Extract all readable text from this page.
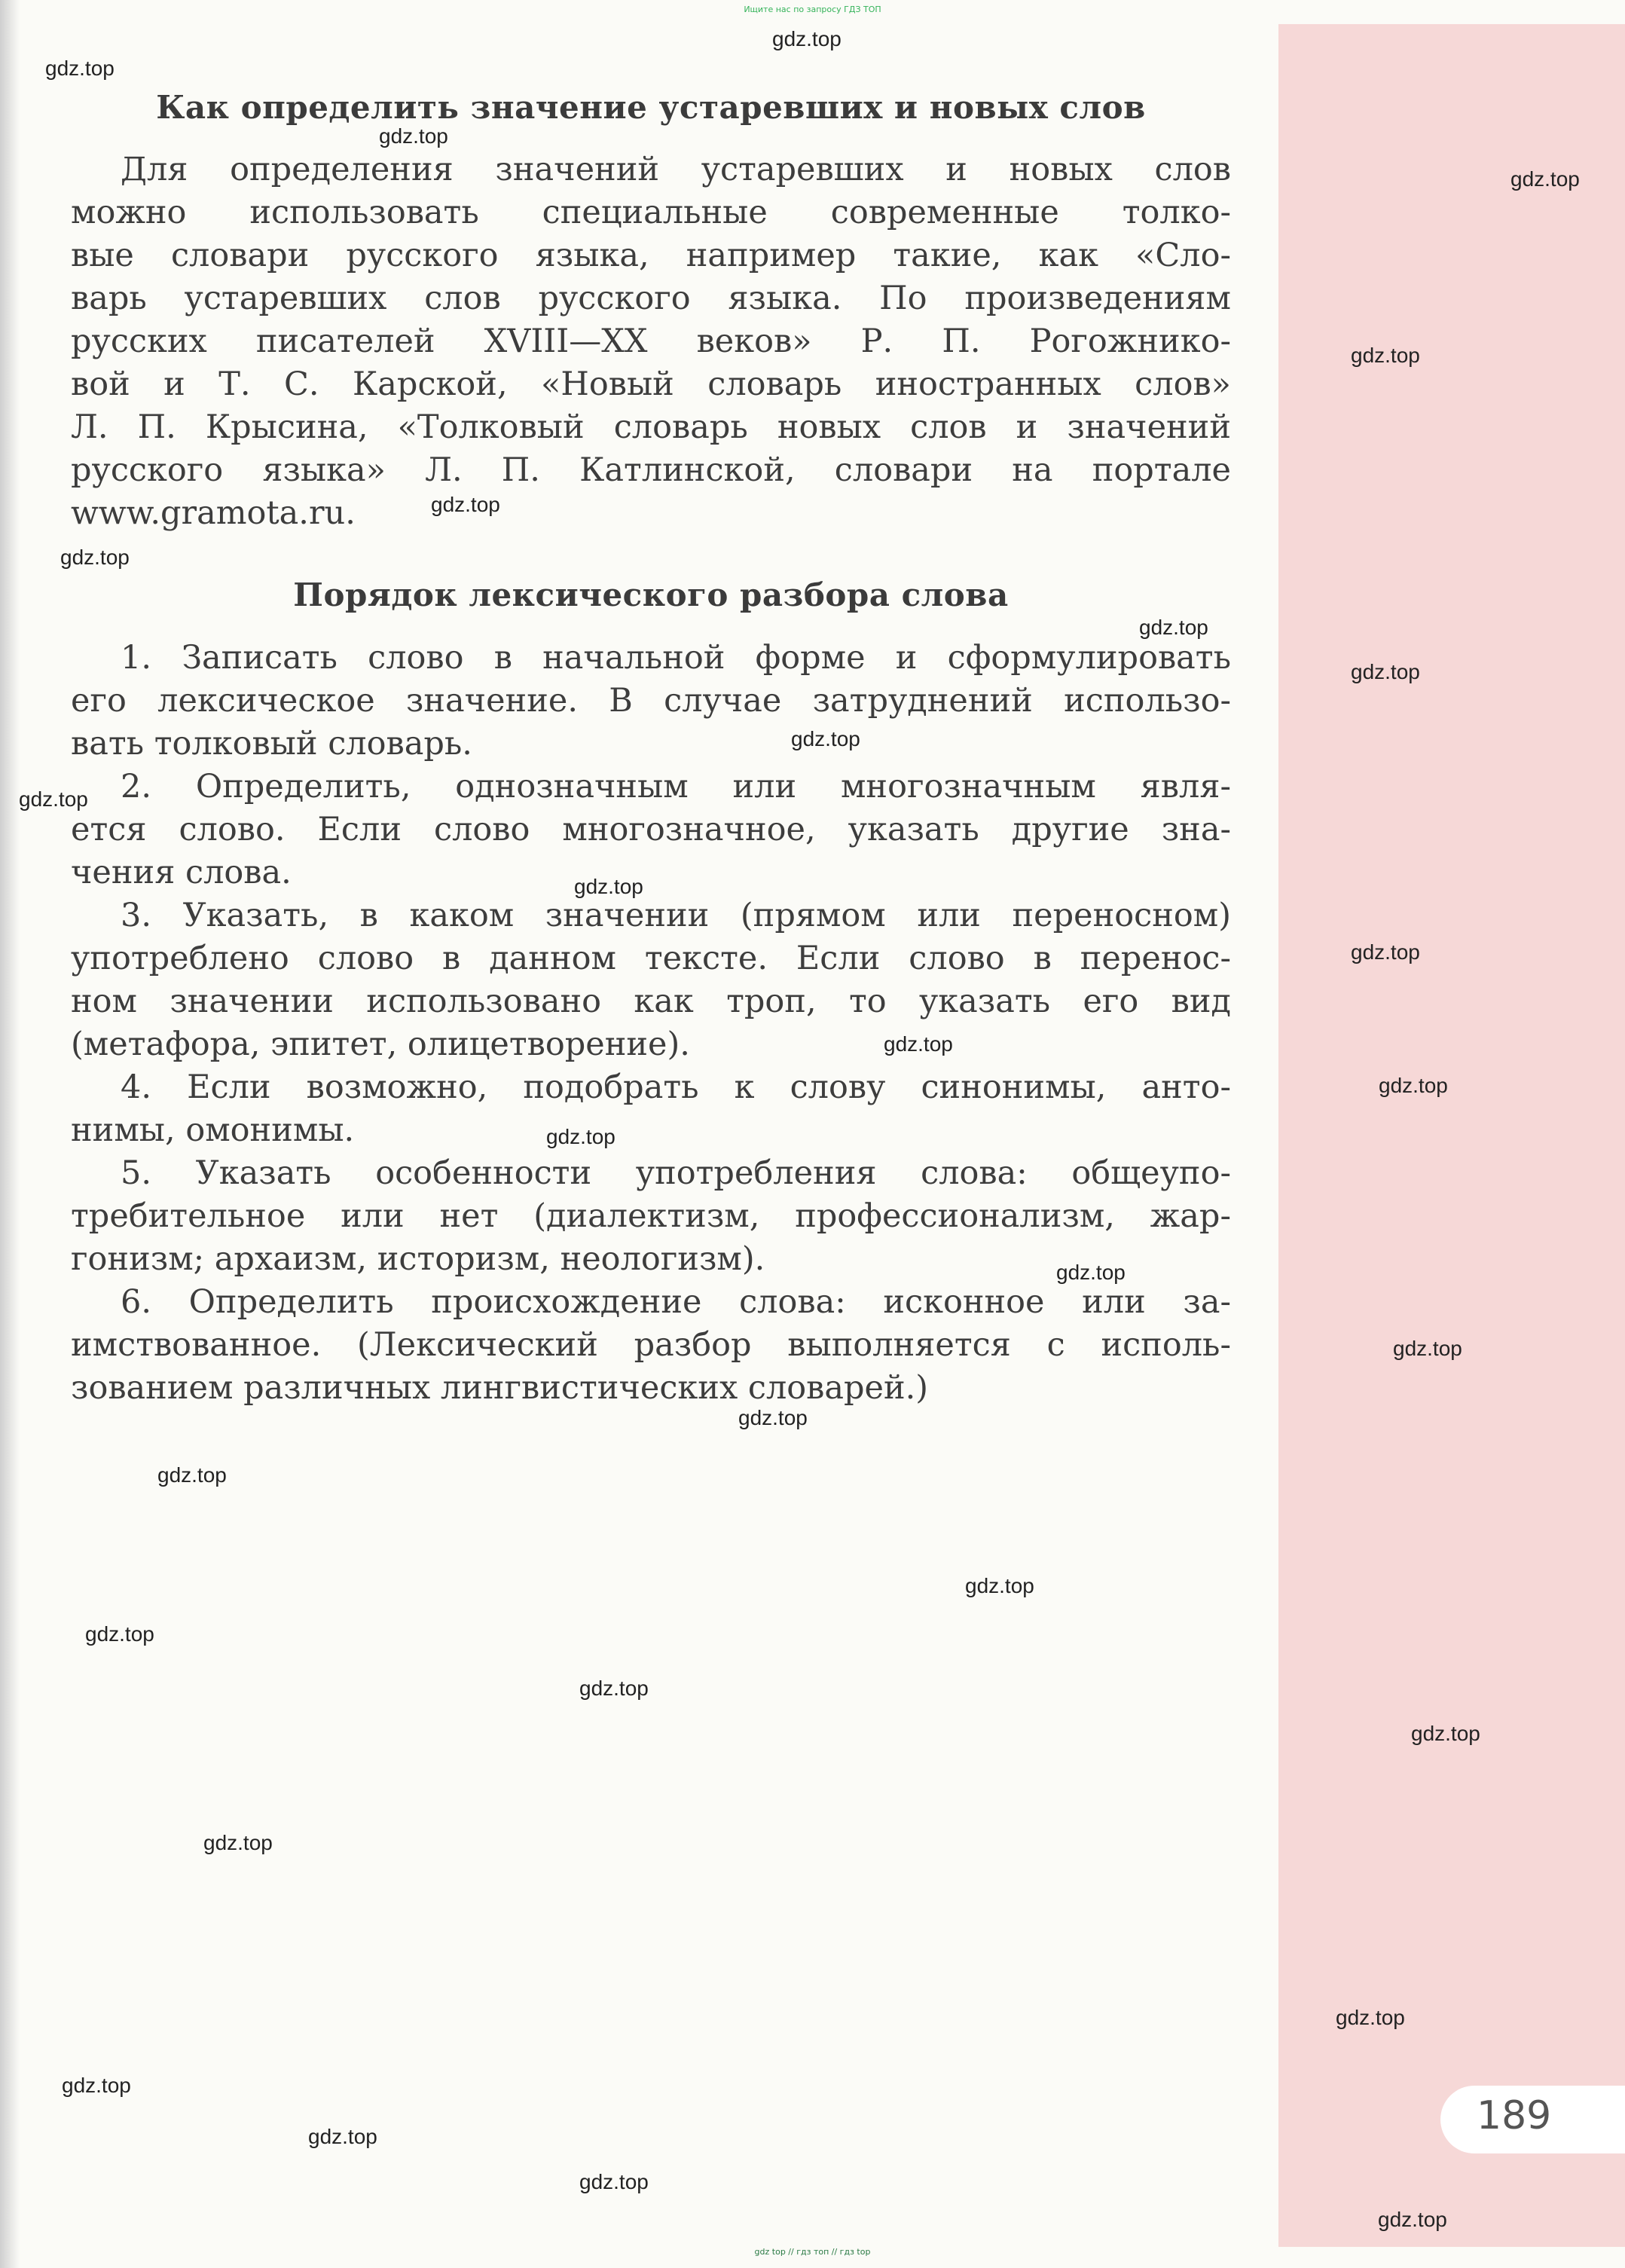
189
Ищите нас по запросу ГДЗ ТОП
gdz top // гдз топ // гдз top
Как определить значение устаревших и новых слов
Для определения значений устаревших и новых слов
можно использовать специальные современные толко-
вые словари русского языка, например такие, как «Сло-
варь устаревших слов русского языка. По произведениям
русских писателей XVIII—XX веков» Р. П. Рогожнико-
вой и Т. С. Карской, «Новый словарь иностранных слов»
Л. П. Крысина, «Толковый словарь новых слов и значений
русского языка» Л. П. Катлинской, словари на портале
www.gramota.ru.
Порядок лексического разбора слова
1. Записать слово в начальной форме и сформулировать
его лексическое значение. В случае затруднений использо-
вать толковый словарь.
2. Определить, однозначным или многозначным явля-
ется слово. Если слово многозначное, указать другие зна-
чения слова.
3. Указать, в каком значении (прямом или переносном)
употреблено слово в данном тексте. Если слово в перенос-
ном значении использовано как троп, то указать его вид
(метафора, эпитет, олицетворение).
4. Если возможно, подобрать к слову синонимы, анто-
нимы, омонимы.
5. Указать особенности употребления слова: общеупо-
требительное или нет (диалектизм, профессионализм, жар-
гонизм; архаизм, историзм, неологизм).
6. Определить происхождение слова: исконное или за-
имствованное. (Лексический разбор выполняется с исполь-
зованием различных лингвистических словарей.)
gdz.top
gdz.top
gdz.top
gdz.top
gdz.top
gdz.top
gdz.top
gdz.top
gdz.top
gdz.top
gdz.top
gdz.top
gdz.top
gdz.top
gdz.top
gdz.top
gdz.top
gdz.top
gdz.top
gdz.top
gdz.top
gdz.top
gdz.top
gdz.top
gdz.top
gdz.top
gdz.top
gdz.top
gdz.top
gdz.top
